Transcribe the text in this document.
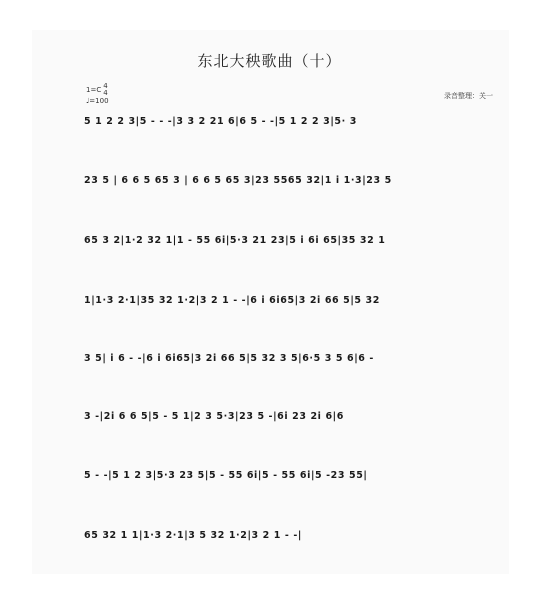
东北大秧歌曲（十）
1=C 4
4
♩=100
录音整理：关一
5 1 2 2 3|5 - - -|3 3 2 21 6|6 5 - -|5 1 2 2 3|5· 3
23 5 | 6 6 5 65 3 | 6 6 5 65 3|23 5565 32|1 i 1·3|23 5
65 3 2|1·2 32 1|1 - 55 6i|5·3 21 23|5 i 6i 65|35 32 1
1|1·3 2·1|35 32 1·2|3 2 1 - -|6 i 6i65|3 2i 66 5|5 32
3 5| i 6 - -|6 i 6i65|3 2i 66 5|5 32 3 5|6·5 3 5 6|6 -
3 -|2i 6 6 5|5 - 5 1|2 3 5·3|23 5 -|6i 23 2i 6|6
5 - -|5 1 2 3|5·3 23 5|5 - 55 6i|5 - 55 6i|5 -23 55|
65 32 1 1|1·3 2·1|3 5 32 1·2|3 2 1 - -|
